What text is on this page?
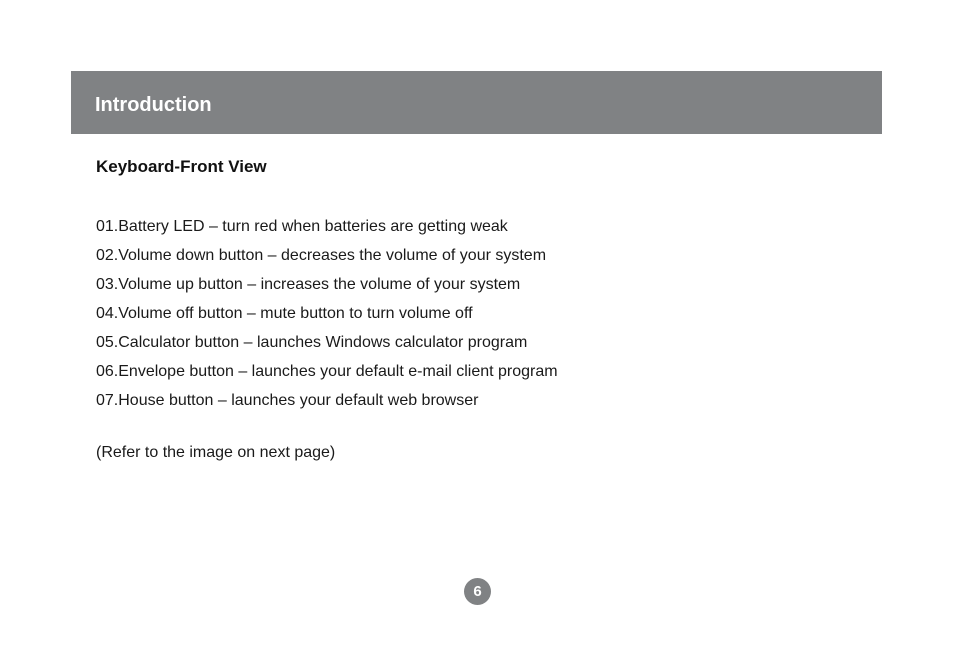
Introduction
Keyboard-Front View
01.Battery LED – turn red when batteries are getting weak
02.Volume down button – decreases the volume of your system
03.Volume up button – increases the volume of your system
04.Volume off button – mute button to turn volume off
05.Calculator button – launches Windows calculator program
06.Envelope button – launches your default e-mail client program
07.House button – launches your default web browser
(Refer to the image on next page)
6
